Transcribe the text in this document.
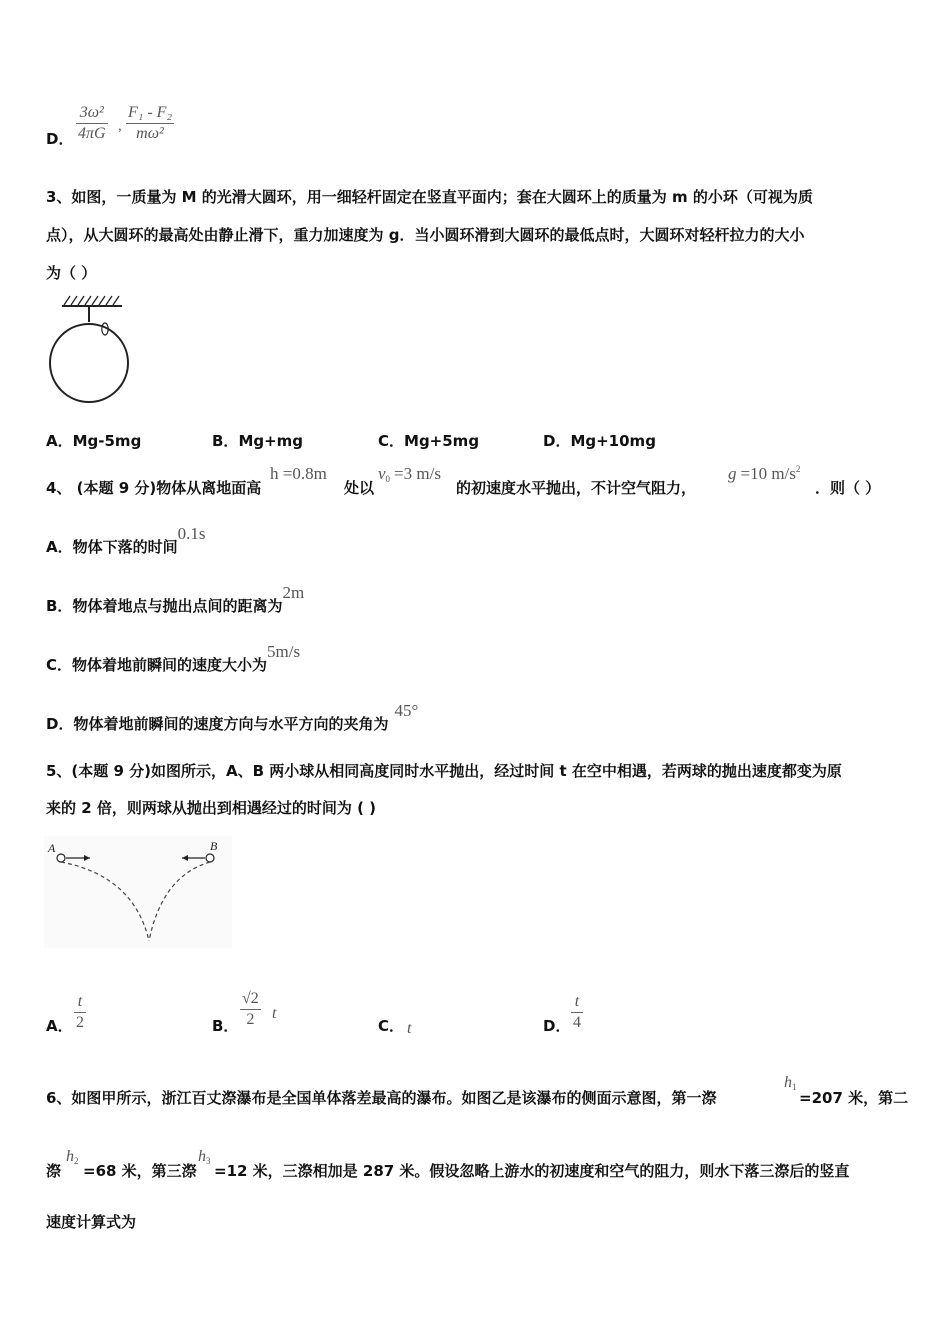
D．
3ω²
4πG ,
F₁ - F₂
mω²
3、如图，一质量为 M 的光滑大圆环，用一细轻杆固定在竖直平面内；套在大圆环上的质量为 m 的小环（可视为质
点），从大圆环的最高处由静止滑下，重力加速度为 g．当小圆环滑到大圆环的最低点时，大圆环对轻杆拉力的大小
为（ ）
A．Mg-5mg	B．Mg+mg	C．Mg+5mg	D．Mg+10mg
4、 (本题 9 分)物体从离地面高
h =0.8m
处以
$v_0 =3$ m/s
的初速度水平抛出，不计空气阻力，
g =10 $m/s^2$
．则（ ）
A．物体下落的时间0.1s
B．物体着地点与抛出点间的距离为2m
C．物体着地前瞬间的速度大小为5m/s
D．物体着地前瞬间的速度方向与水平方向的夹角为45°
5、(本题 9 分)如图所示，A、B 两小球从相同高度同时水平抛出，经过时间 t 在空中相遇，若两球的抛出速度都变为原
来的 2 倍，则两球从抛出到相遇经过的时间为 ( )
A	B
A．
t
2	B．
√2
2 t
C． t	D．
t
4
6、如图甲所示，浙江百丈漈瀑布是全国单体落差最高的瀑布。如图乙是该瀑布的侧面示意图，第一漈
$h_1$
=207 米，第二
漈
$h_2$
=68 米，第三漈
$h_3$
=12 米，三漈相加是 287 米。假设忽略上游水的初速度和空气的阻力，则水下落三漈后的竖直
速度计算式为
